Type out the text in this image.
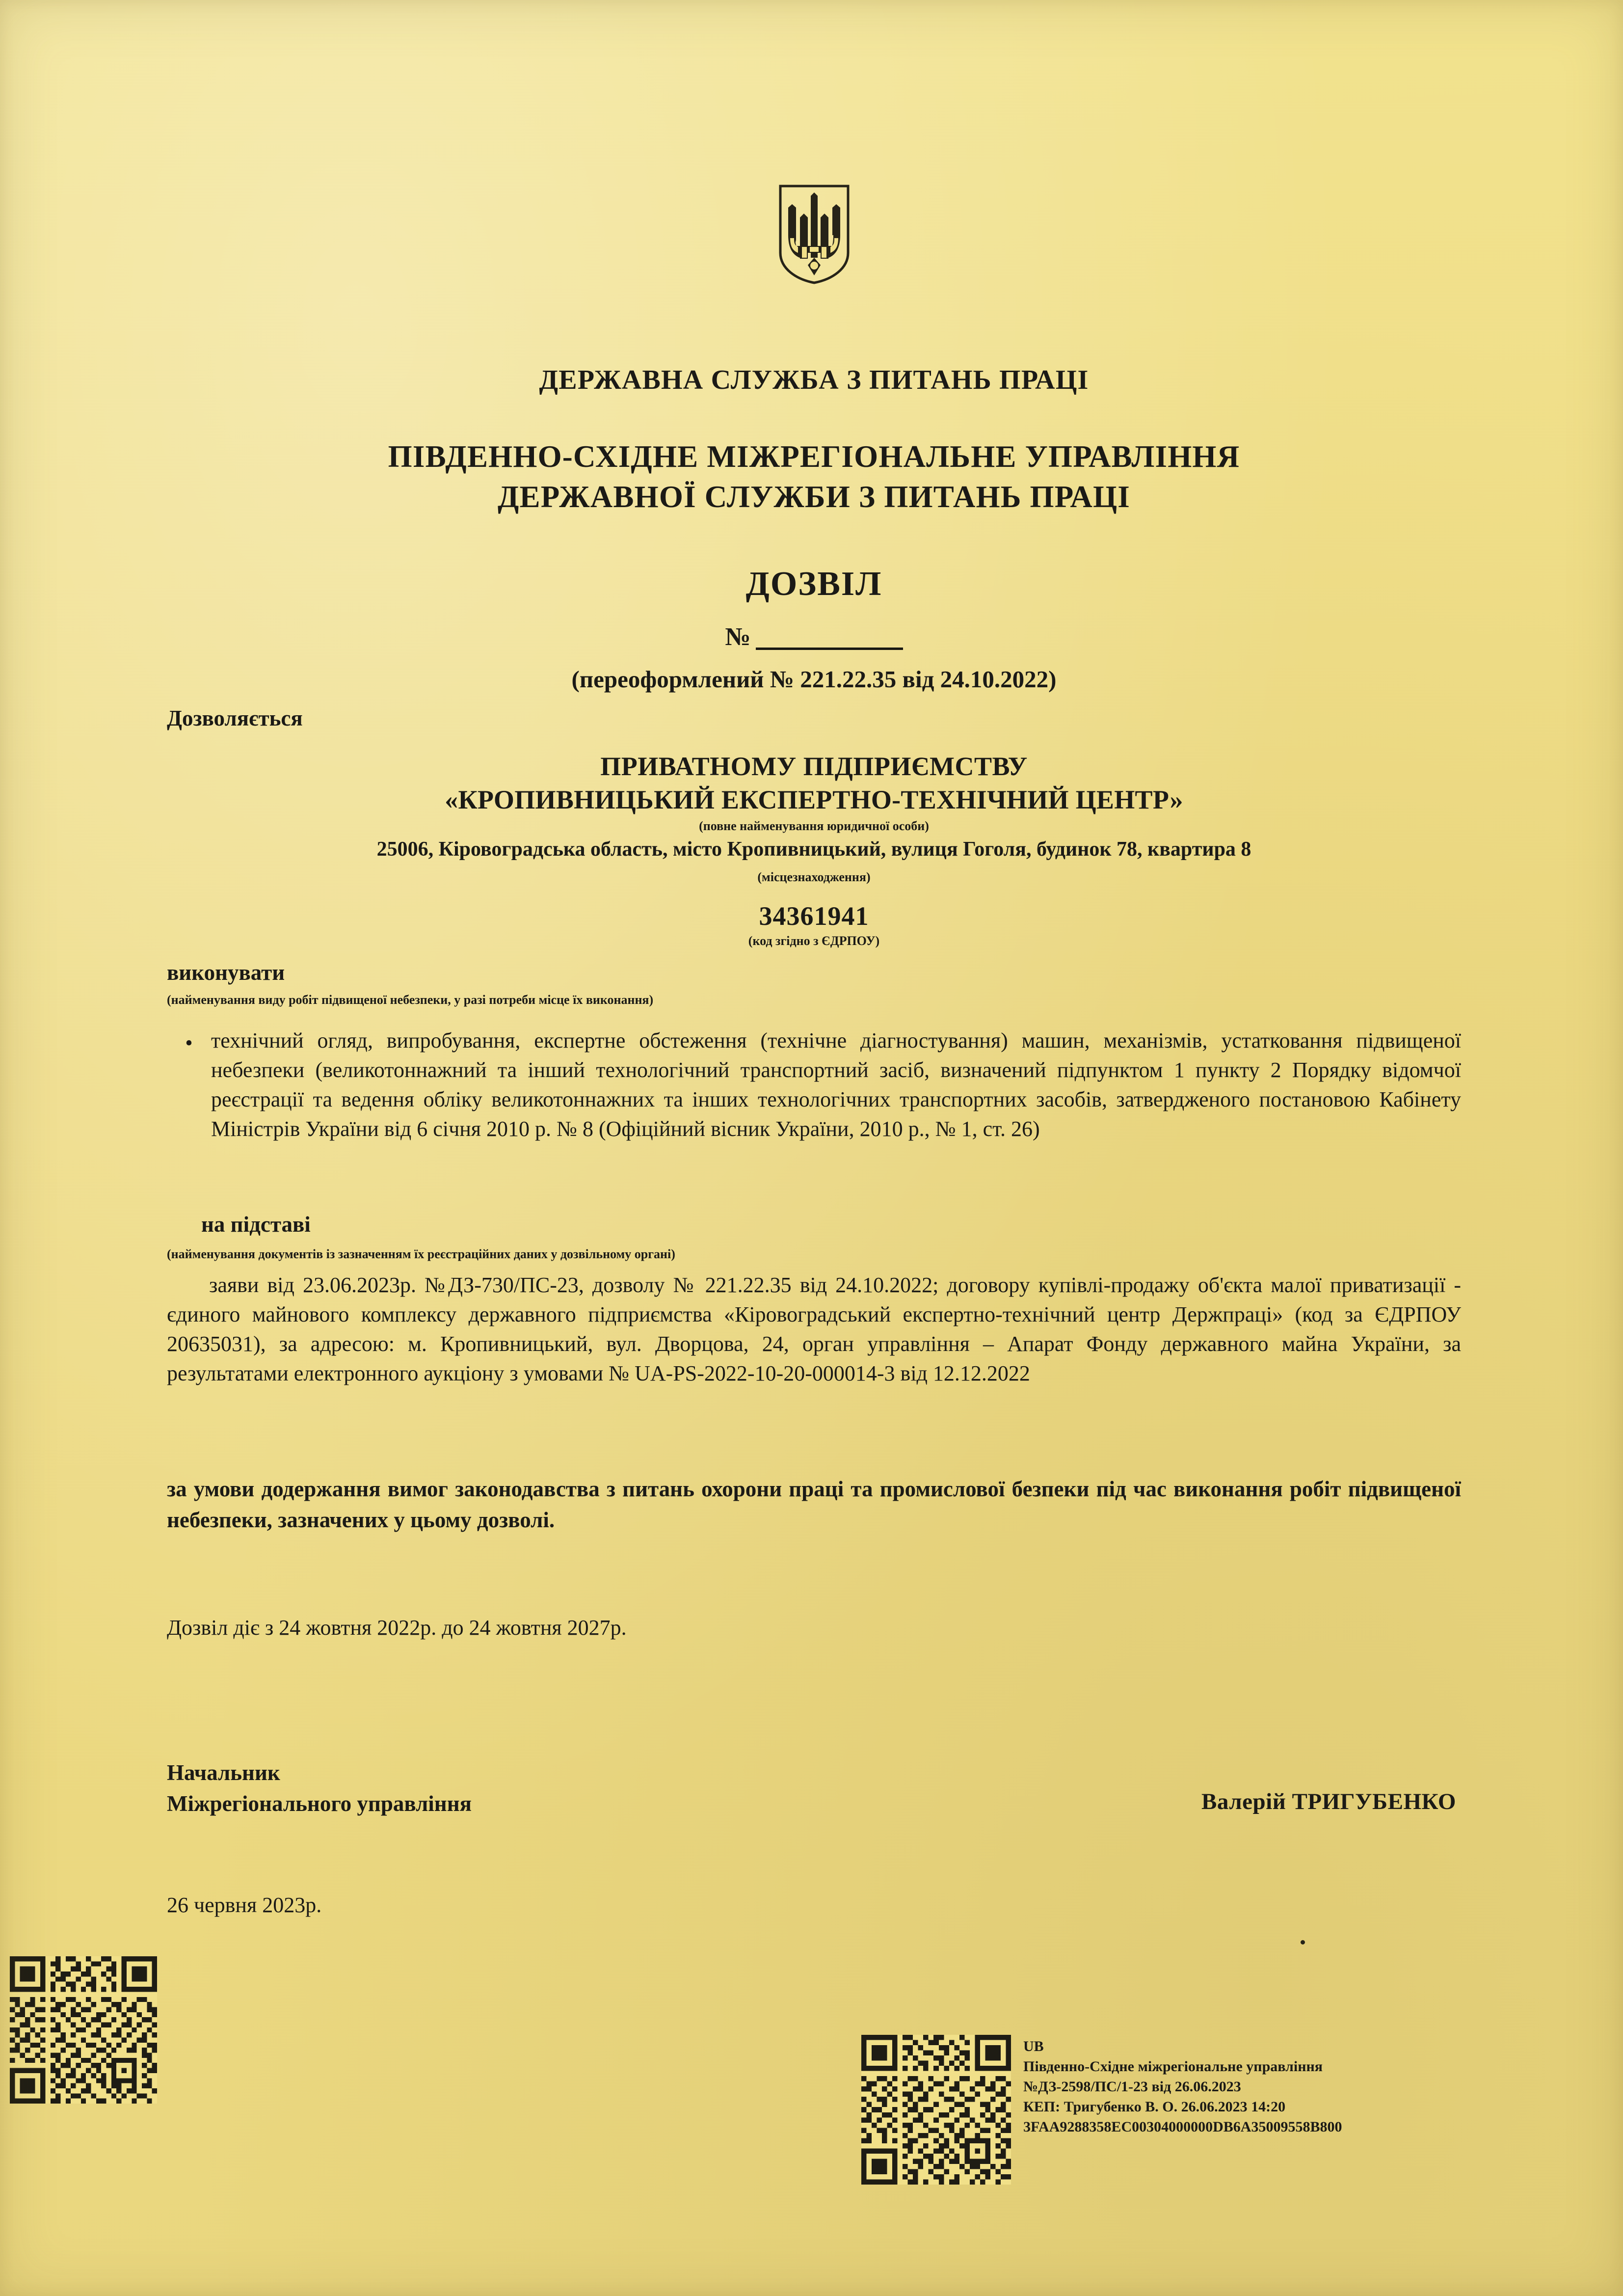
ДЕРЖАВНА СЛУЖБА З ПИТАНЬ ПРАЦІ
ПІВДЕННО-СХІДНЕ МІЖРЕГІОНАЛЬНЕ УПРАВЛІННЯ
ДЕРЖАВНОЇ СЛУЖБИ З ПИТАНЬ ПРАЦІ
ДОЗВІЛ
№
(переоформлений № 221.22.35 від 24.10.2022)
Дозволяється
ПРИВАТНОМУ ПІДПРИЄМСТВУ
«КРОПИВНИЦЬКИЙ ЕКСПЕРТНО-ТЕХНІЧНИЙ ЦЕНТР»
(повне найменування юридичної особи)
25006, Кіровоградська область, місто Кропивницький, вулиця Гоголя, будинок 78, квартира 8
(місцезнаходження)
34361941
(код згідно з ЄДРПОУ)
виконувати
(найменування виду робіт підвищеної небезпеки, у разі потреби місце їх виконання)
• технічний огляд, випробування, експертне обстеження (технічне діагностування) машин, механізмів, устатковання підвищеної небезпеки (великотоннажний та інший технологічний транспортний засіб, визначений підпунктом 1 пункту 2 Порядку відомчої реєстрації та ведення обліку великотоннажних та інших технологічних транспортних засобів, затвердженого постановою Кабінету Міністрів України від 6 січня 2010 р. № 8 (Офіційний вісник України, 2010 р., № 1, ст. 26)
на підставі
(найменування документів із зазначенням їх реєстраційних даних у дозвільному органі)
заяви від 23.06.2023р. №ДЗ-730/ПС-23, дозволу № 221.22.35 від 24.10.2022; договору купівлі-продажу об'єкта малої приватизації - єдиного майнового комплексу державного підприємства «Кіровоградський експертно-технічний центр Держпраці» (код за ЄДРПОУ 20635031), за адресою: м. Кропивницький, вул. Дворцова, 24, орган управління – Апарат Фонду державного майна України, за результатами електронного аукціону з умовами № UA-PS-2022-10-20-000014-3 від 12.12.2022
за умови додержання вимог законодавства з питань охорони праці та промислової безпеки під час виконання робіт підвищеної небезпеки, зазначених у цьому дозволі.
Дозвіл діє з 24 жовтня 2022р. до 24 жовтня 2027р.
Начальник
Міжрегіонального управління	Валерій ТРИГУБЕНКО
26 червня 2023р.
UB
Південно-Східне міжрегіональне управління
№ДЗ-2598/ПС/1-23 від 26.06.2023
КЕП: Тригубенко В. О. 26.06.2023 14:20
3FAA9288358EC00304000000DB6A35009558B800
